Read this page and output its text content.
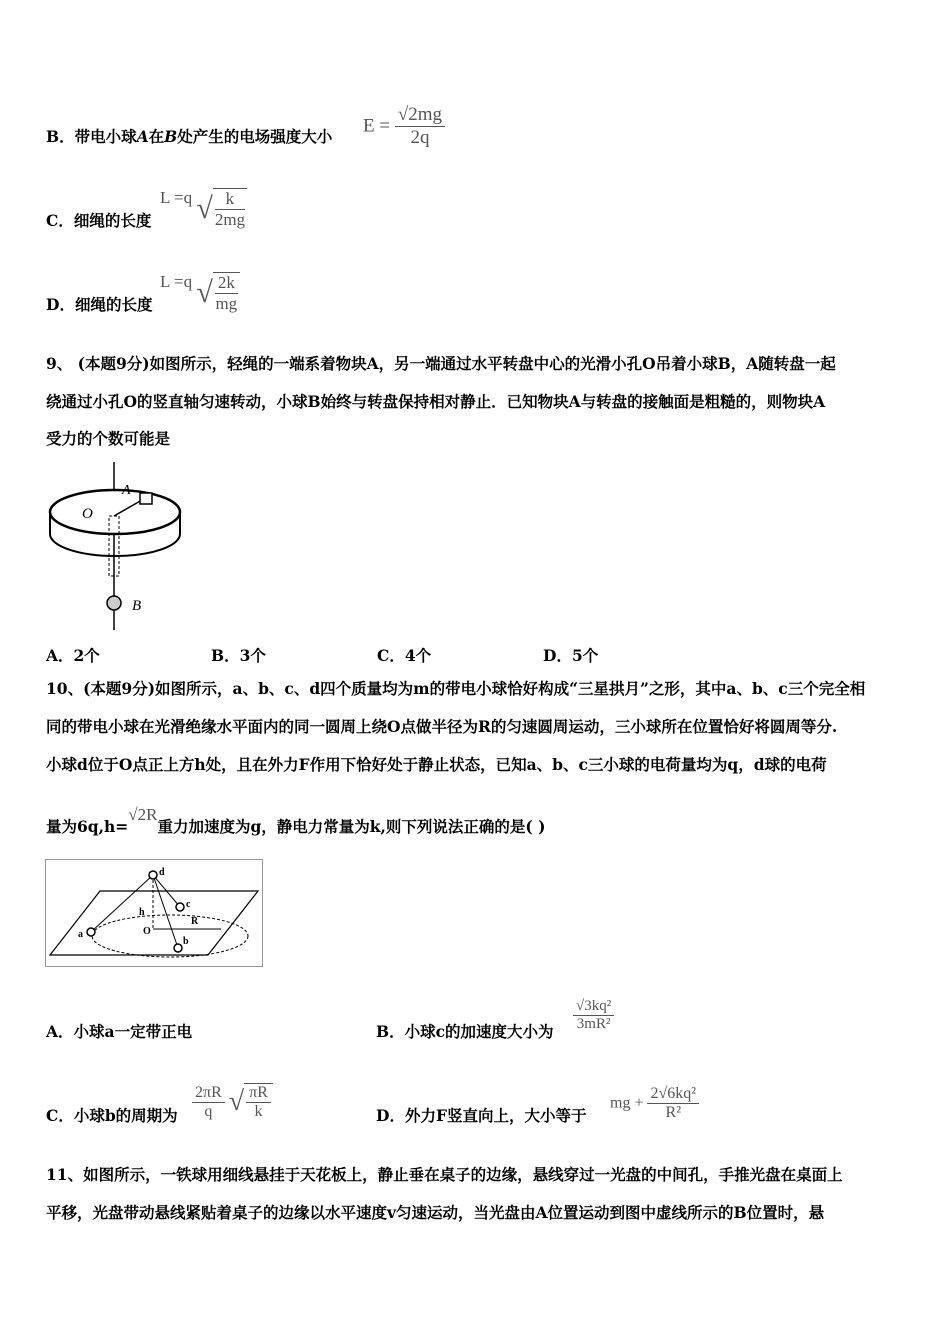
B．带电小球A在B处产生的电场强度大小 $E = \frac{√2mg}{2q}$
C．细绳的长度
L =q √ $\frac{k}{2mg}$
D．细绳的长度
L =q √ $\frac{2k}{mg}$
9、 (本题9分)如图所示，轻绳的一端系着物块A，另一端通过水平转盘中心的光滑小孔O吊着小球B，A随转盘一起
绕通过小孔O的竖直轴匀速转动，小球B始终与转盘保持相对静止．已知物块A与转盘的接触面是粗糙的，则物块A
受力的个数可能是
A
O
B
A．2个	B．3个	C．4个	D．5个
10、(本题9分)如图所示，a、b、c、d四个质量均为m的带电小球恰好构成“三星拱月”之形，其中a、b、c三个完全相
同的带电小球在光滑绝缘水平面内的同一圆周上绕O点做半径为R的匀速圆周运动，三小球所在位置恰好将圆周等分.
小球d位于O点正上方h处，且在外力F作用下恰好处于静止状态，已知a、b、c三小球的电荷量均为q，d球的电荷
量为6q,h=√2R重力加速度为g，静电力常量为k,则下列说法正确的是( )
d
c
h
O
R
a
b
A．小球a一定带正电	B．小球c的加速度大小为 $\frac{\text{√3kq²}}{\text{3mR²}}$
C．小球b的周期为 $\frac{2\pi R}{q}$ √ $\frac{\pi R}{k}$	D．外力F竖直向上，大小等于
mg + $\frac{\text{2√6kq²}}{\text{R²}}$
11、如图所示，一铁球用细线悬挂于天花板上，静止垂在桌子的边缘，悬线穿过一光盘的中间孔，手推光盘在桌面上
平移，光盘带动悬线紧贴着桌子的边缘以水平速度v匀速运动，当光盘由A位置运动到图中虚线所示的B位置时，悬
